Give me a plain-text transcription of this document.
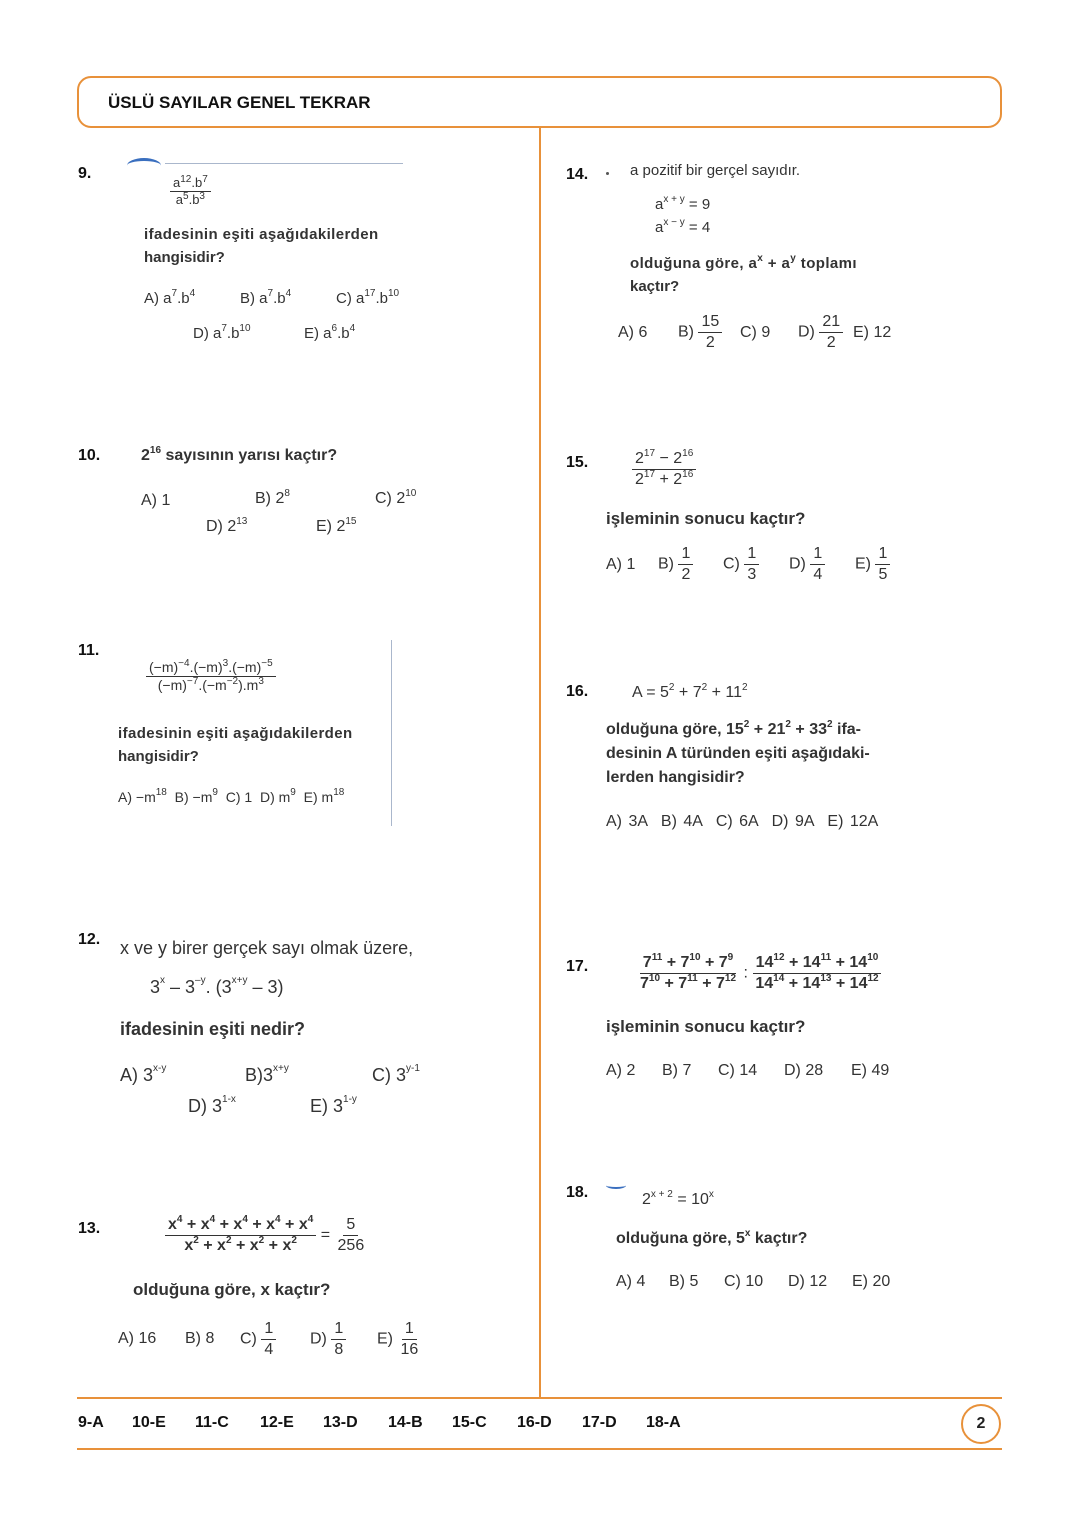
ÜSLÜ SAYILAR GENEL TEKRAR
9.
$\frac{a^{12}.b^7}{a^5.b^3}$
ifadesinin eşiti aşağıdakilerden
hangisidir?
A) $a^7.b^4$	B) $a^7.b^4$	C) $a^{17}.b^{10}$
D) $a^7.b^{10}$	E) $a^6.b^4$
10.	$2^{16}$ sayısının yarısı kaçtır?
A) 1	B) $2^8$	C) $2^{10}$
D) $2^{13}$	E) $2^{15}$
11.
$\frac{(-m)^{-4}.(-m)^3.(-m)^{-5}}{(-m)^{-7}.(-m^{-2}).m^3}$
ifadesinin eşiti aşağıdakilerden
hangisidir?
$A) -m^{18}$ $B) -m^9$ C) 1 D) $m^9$ E) $m^{18}$
12. x ve y birer gerçek sayı olmak üzere,
$3^x - 3^{-y}$. $(3^{x+y} - 3)$
ifadesinin eşiti nedir?
A) 3$^{x-y}$	$B)3^{x+y}$	C) 3$^{y-1}$
D) 3$^{1-x}$	E) 3$^{1-y}$
13.	$\frac{x^4 + x^4 + x^4 + x^4 + x^4}{x^2 + x^2 + x^2 + x^2} = \frac{5}{256}$
olduğuna göre, x kaçtır?
A) 16 B) 8 $C) \frac{1}{4} D) \frac{1}{8} E) \frac{1}{16}$
14.	a pozitif bir gerçel sayıdır.
$a^{x + y} = 9$
$a^{x - y} = 4$
olduğuna göre, $a^x + a^y$ toplamı
kaçtır?
A) 6 $B) \frac{15}{2} C$) 9 $D) \frac{21}{2} E$) 12
15.	$\frac{2^{17} - 2^{16}}{2^{17} + 2^{16}}$
işleminin sonucu kaçtır?
A) 1 $B) \frac{1}{2} C) \frac{1}{3} D) \frac{1}{4} E) \frac{1}{5}$
16.	$A = 5^2 + 7^2 + 11^2$
olduğuna göre, $15^2 + 21^2 + 33^2$ ifa-
desinin A türünden eşiti aşağıdaki-
lerden hangisidir?
A) 3A B) 4A C) 6A D) 9A E) 12A
17.	$\frac{7^{11} + 7^{10} + 7^9}{7^{10} + 7^{11} + 7^{12}}$ : $\frac{14^{12} + 14^{11} + 14^{10}}{14^{14} + 14^{13} + 14^{12}}$
işleminin sonucu kaçtır?
A) 2 B) 7 C) 14 D) 28 E) 49
18.	$2^{x + 2} = 10^x$
olduğuna göre, 5$^x$ kaçtır?
A) 4 B) 5 C) 10 D) 12 E) 20
9-A 10-E 11-C 12-E 13-D 14-B 15-C 16-D 17-D 18-A	2
